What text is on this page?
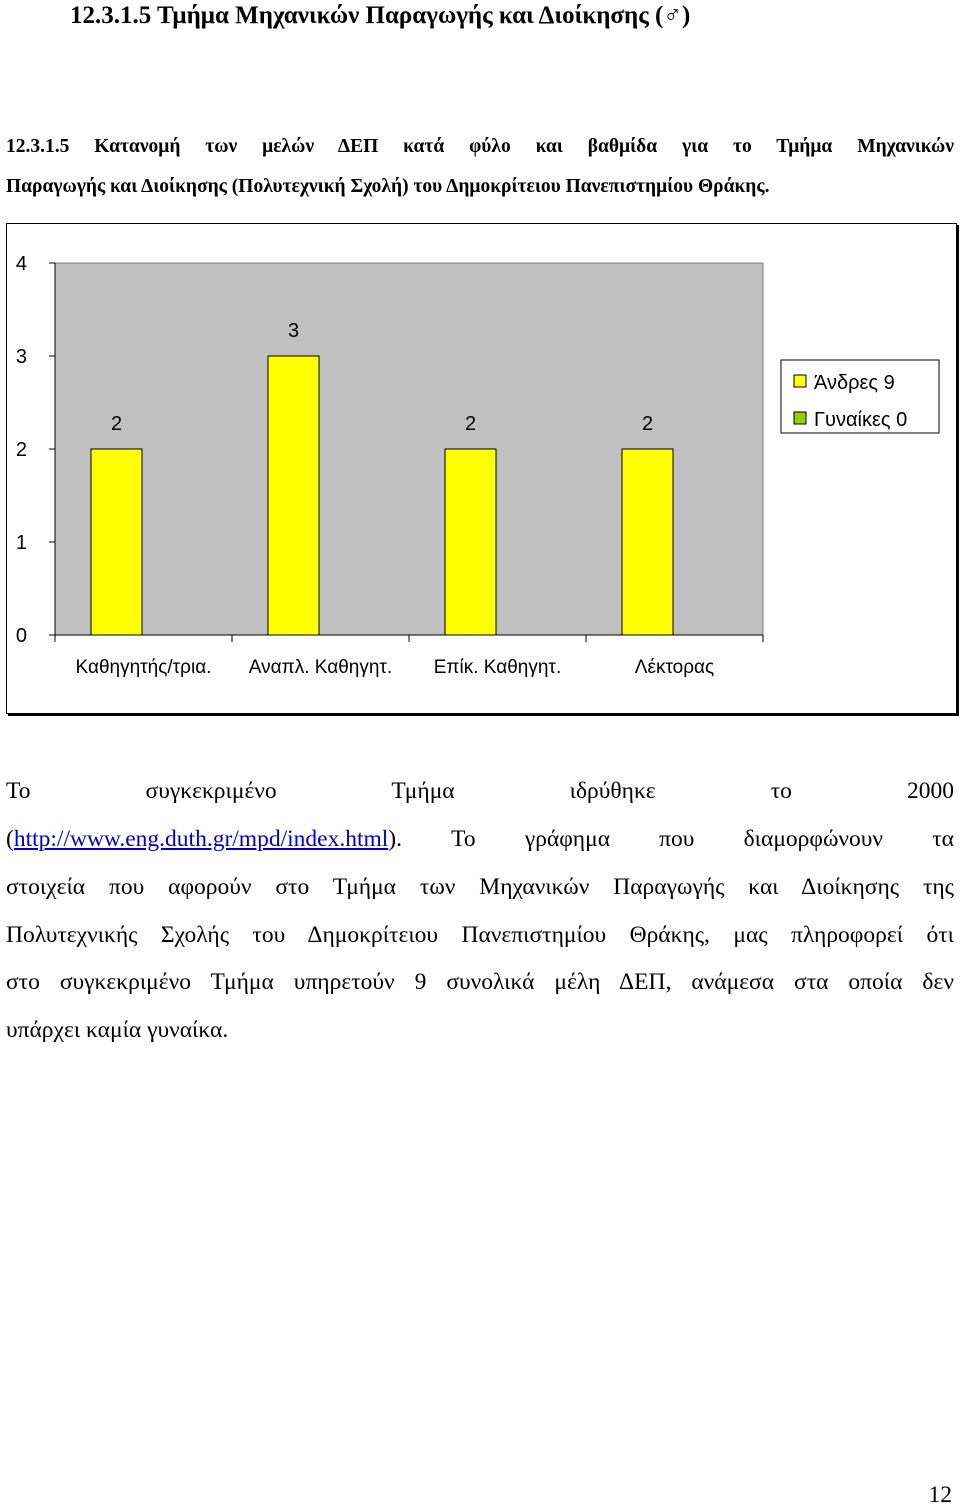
12.3.1.5 Τμήμα Μηχανικών Παραγωγής και Διοίκησης (♂)
12.3.1.5 Κατανομή των μελών ΔΕΠ κατά φύλο και βαθμίδα για το Τμήμα Μηχανικών
Παραγωγής και Διοίκησης (Πολυτεχνική Σχολή) του Δημοκρίτειου Πανεπιστημίου Θράκης.
0
1
2
3
4
2
Καθηγητής/τρια.
3
Αναπλ. Καθηγητ.
2
Επίκ. Καθηγητ.
2
Λέκτορας
Άνδρες 9
Γυναίκες 0
Το συγκεκριμένο Τμήμα ιδρύθηκε το 2000
(http://www.eng.duth.gr/mpd/index.html). Το γράφημα που διαμορφώνουν τα
στοιχεία που αφορούν στο Τμήμα των Μηχανικών Παραγωγής και Διοίκησης της
Πολυτεχνικής Σχολής του Δημοκρίτειου Πανεπιστημίου Θράκης, μας πληροφορεί ότι
στο συγκεκριμένο Τμήμα υπηρετούν 9 συνολικά μέλη ΔΕΠ, ανάμεσα στα οποία δεν
υπάρχει καμία γυναίκα.
12
